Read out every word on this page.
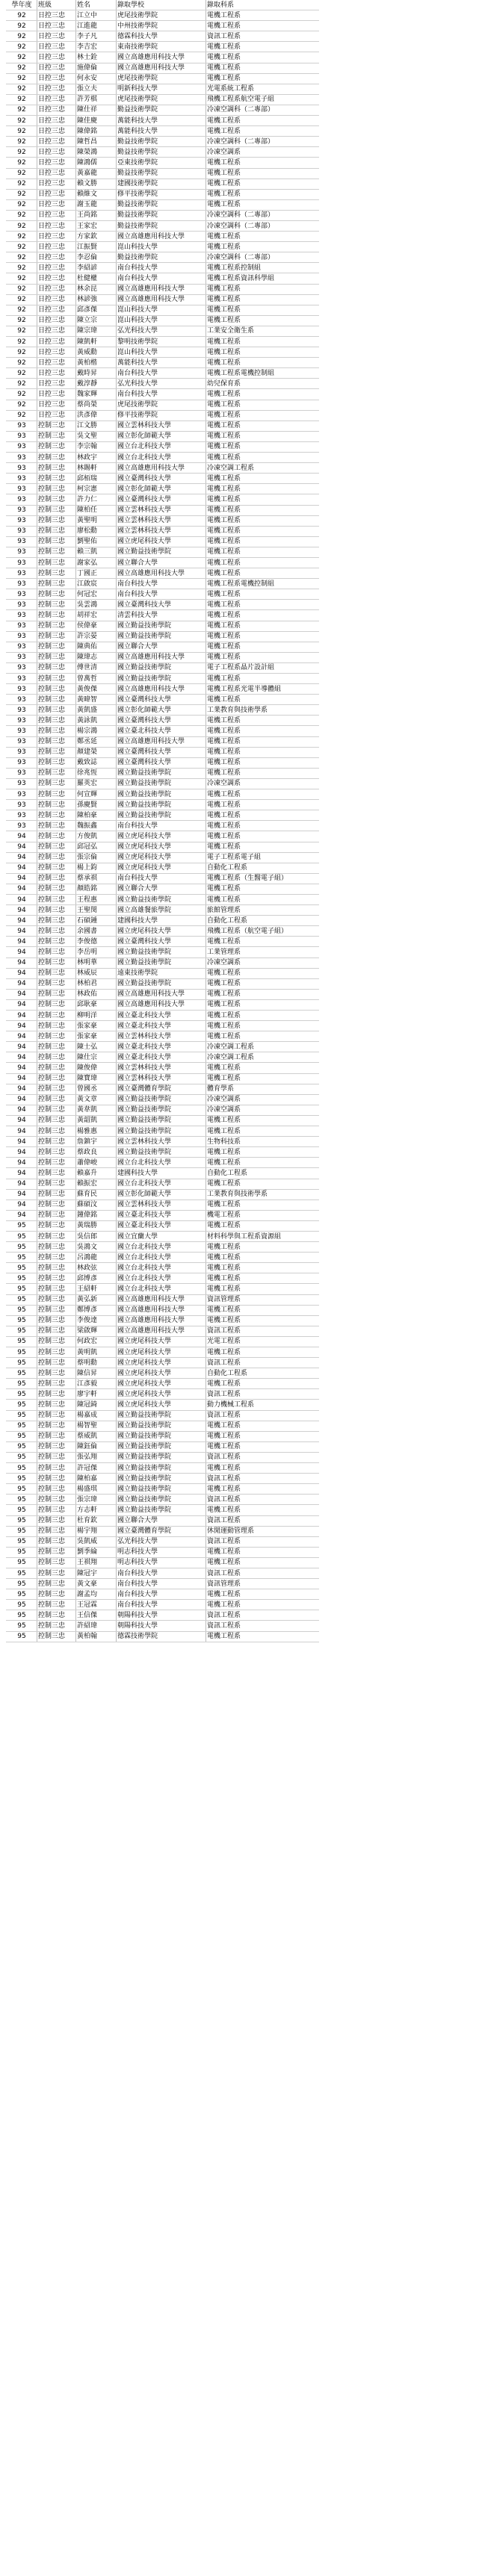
學年度	班級	姓名	錄取學校	錄取科系
92	日控三忠	江立中	虎尾技術學院	電機工程系
92	日控三忠	江進龍	中州技術學院	電機工程系
92	日控三忠	李子凡	德霖科技大學	資訊工程系
92	日控三忠	李吉宏	東南技術學院	電機工程系
92	日控三忠	林士銓	國立高雄應用科技大學	電機工程系
92	日控三忠	施偉倫	國立高雄應用科技大學	電機工程系
92	日控三忠	何永安	虎尾技術學院	電機工程系
92	日控三忠	張立夫	明新科技大學	光電系統工程系
92	日控三忠	許芳棋	虎尾技術學院	飛機工程系航空電子組
92	日控三忠	陳仕祥	勤益技術學院	冷凍空調科（二專部）
92	日控三忠	陳佳慶	萬能科技大學	電機工程系
92	日控三忠	陳偉銘	萬能科技大學	電機工程系
92	日控三忠	陳哲昌	勤益技術學院	冷凍空調科（二專部）
92	日控三忠	陳榮鴻	勤益技術學院	冷凍空調系
92	日控三忠	陳鴻儒	亞東技術學院	電機工程系
92	日控三忠	黃嘉龍	勤益技術學院	電機工程系
92	日控三忠	賴文勝	建國技術學院	電機工程系
92	日控三忠	賴維文	修平技術學院	電機工程系
92	日控三忠	謝玉龍	勤益技術學院	電機工程系
92	日控三忠	王尚銘	勤益技術學院	冷凍空調科（二專部）
92	日控三忠	王家宏	勤益技術學院	冷凍空調科（二專部）
92	日控三忠	方家欽	國立高雄應用科技大學	電機工程系
92	日控三忠	江振賢	崑山科技大學	電機工程系
92	日控三忠	李忍倫	勤益技術學院	冷凍空調科（二專部）
92	日控三忠	李紹諺	南台科技大學	電機工程系控制組
92	日控三忠	杜健權	南台科技大學	電機工程系資訊科學組
92	日控三忠	林余昆	國立高雄應用科技大學	電機工程系
92	日控三忠	林諺強	國立高雄應用科技大學	電機工程系
92	日控三忠	邱彥傑	崑山科技大學	電機工程系
92	日控三忠	陳立宗	崑山科技大學	電機工程系
92	日控三忠	陳宗瑋	弘光科技大學	工業安全衛生系
92	日控三忠	陳凱軒	黎明技術學院	電機工程系
92	日控三忠	黃威勳	崑山科技大學	電機工程系
92	日控三忠	黃柏楷	萬能科技大學	電機工程系
92	日控三忠	戴時昇	南台科技大學	電機工程系電機控制組
92	日控三忠	戴淳靜	弘光科技大學	幼兒保育系
92	日控三忠	魏家輝	南台科技大學	電機工程系
92	日控三忠	蔡尚榮	虎尾技術學院	電機工程系
92	日控三忠	洪彥偉	修平技術學院	電機工程系
93	控制三忠	江文勝	國立雲林科技大學	電機工程系
93	控制三忠	吳文聖	國立彰化師範大學	電機工程系
93	控制三忠	李宗翰	國立台北科技大學	電機工程系
93	控制三忠	林政宇	國立台北科技大學	電機工程系
93	控制三忠	林賜軒	國立高雄應用科技大學	冷凍空調工程系
93	控制三忠	邱栢瑞	國立臺灣科技大學	電機工程系
93	控制三忠	柯宗憲	國立彰化師範大學	電機工程系
93	控制三忠	許力仁	國立臺灣科技大學	電機工程系
93	控制三忠	陳柏任	國立雲林科技大學	電機工程系
93	控制三忠	黃聖明	國立雲林科技大學	電機工程系
93	控制三忠	廖松勳	國立雲林科技大學	電機工程系
93	控制三忠	劉聖佑	國立虎尾科技大學	電機工程系
93	控制三忠	賴三凱	國立勤益技術學院	電機工程系
93	控制三忠	謝家弘	國立聯合大學	電機工程系
93	控制三忠	丁國正	國立高雄應用科技大學	電機工程系
93	控制三忠	江啟宸	南台科技大學	電機工程系電機控制組
93	控制三忠	何冠宏	南台科技大學	電機工程系
93	控制三忠	吳雲鴻	國立臺灣科技大學	電機工程系
93	控制三忠	胡祥宏	清雲科技大學	電機工程系
93	控制三忠	侯偉豪	國立勤益技術學院	電機工程系
93	控制三忠	許宗晏	國立勤益技術學院	電機工程系
93	控制三忠	陳典佑	國立聯合大學	電機工程系
93	控制三忠	陳瑋志	國立高雄應用科技大學	電機工程系
93	控制三忠	傅世清	國立勤益技術學院	電子工程系晶片設計組
93	控制三忠	曾萬哲	國立勤益技術學院	電機工程系
93	控制三忠	黃俊傑	國立高雄應用科技大學	電機工程系光電半導體組
93	控制三忠	黃暐智	國立臺灣科技大學	電機工程系
93	控制三忠	黃凱盛	國立彰化師範大學	工業教育與技術學系
93	控制三忠	黃詠凱	國立臺灣科技大學	電機工程系
93	控制三忠	楊宗鴻	國立臺北科技大學	電機工程系
93	控制三忠	鄭丞延	國立高雄應用科技大學	電機工程系
93	控制三忠	顏建榮	國立臺灣科技大學	電機工程系
93	控制三忠	戴致誌	國立臺灣科技大學	電機工程系
93	控制三忠	徐兆恆	國立勤益技術學院	電機工程系
93	控制三忠	羅英宏	國立勤益技術學院	冷凍空調系
93	控制三忠	何宣輝	國立勤益技術學院	電機工程系
93	控制三忠	孫慶賢	國立勤益技術學院	電機工程系
93	控制三忠	陳柏豪	國立勤益技術學院	電機工程系
93	控制三忠	魏振鑫	南台科技大學	電機工程系
94	控制三忠	方俊凱	國立虎尾科技大學	電機工程系
94	控制三忠	邱冠弘	國立虎尾科技大學	電機工程系
94	控制三忠	張宗倫	國立虎尾科技大學	電子工程系電子組
94	控制三忠	楊上鈞	國立虎尾科技大學	自動化工程系
94	控制三忠	蔡承祺	南台科技大學	電機工程系（生醫電子組）
94	控制三忠	顏皓銘	國立聯合大學	電機工程系
94	控制三忠	王程惠	國立勤益技術學院	電機工程系
94	控制三忠	王聖閔	國立高雄餐旅學院	旅館管理系
94	控制三忠	石碩鍾	建國科技大學	自動化工程系
94	控制三忠	余國書	國立虎尾科技大學	飛機工程系（航空電子組）
94	控制三忠	李俊德	國立臺灣科技大學	電機工程系
94	控制三忠	李岳明	國立勤益技術學院	工業管理系
94	控制三忠	林明華	國立勤益技術學院	冷凍空調系
94	控制三忠	林威辰	遠東技術學院	電機工程系
94	控制三忠	林柏君	國立勤益技術學院	電機工程系
94	控制三忠	林政佑	國立高雄應用科技大學	電機工程系
94	控制三忠	邱耿豪	國立高雄應用科技大學	電機工程系
94	控制三忠	柳明洋	國立臺北科技大學	電機工程系
94	控制三忠	張家豪	國立臺北科技大學	電機工程系
94	控制三忠	張家豪	國立雲林科技大學	電機工程系
94	控制三忠	陳士弘	國立臺北科技大學	冷凍空調工程系
94	控制三忠	陳仕宗	國立臺北科技大學	冷凍空調工程系
94	控制三忠	陳俊偉	國立雲林科技大學	電機工程系
94	控制三忠	陳寶瑋	國立雲林科技大學	電機工程系
94	控制三忠	曾國丞	國立臺灣體育學院	體育學系
94	控制三忠	黃文章	國立勤益技術學院	冷凍空調系
94	控制三忠	黃韋凱	國立勤益技術學院	冷凍空調系
94	控制三忠	黃韶凱	國立勤益技術學院	電機工程系
94	控制三忠	楊雅惠	國立勤益技術學院	電機工程系
94	控制三忠	詹鎮宇	國立雲林科技大學	生物科技系
94	控制三忠	蔡政良	國立勤益技術學院	電機工程系
94	控制三忠	蕭偉峻	國立台北科技大學	電機工程系
94	控制三忠	賴嘉升	建國科技大學	自動化工程系
94	控制三忠	賴振宏	國立台北科技大學	電機工程系
94	控制三忠	蘇育民	國立彰化師範大學	工業教育與技術學系
94	控制三忠	蘇碩汶	國立雲林科技大學	電機工程系
94	控制三忠	鐘偉銘	國立臺北科技大學	機電工程系
95	控制三忠	黃瑞勝	國立臺北科技大學	電機工程系
95	控制三忠	吳信郎	國立宜蘭大學	材料科學與工程系資源組
95	控制三忠	吳鴻文	國立台北科技大學	電機工程系
95	控制三忠	呂鴻龍	國立台北科技大學	電機工程系
95	控制三忠	林政弦	國立台北科技大學	電機工程系
95	控制三忠	邱博彥	國立台北科技大學	電機工程系
95	控制三忠	王紹軒	國立台北科技大學	電機工程系
95	控制三忠	黃弘新	國立高雄應用科技大學	資訊管理系
95	控制三忠	鄭博彥	國立高雄應用科技大學	電機工程系
95	控制三忠	李俊達	國立高雄應用科技大學	電機工程系
95	控制三忠	梁啟輝	國立高雄應用科技大學	資訊工程系
95	控制三忠	何政宏	國立虎尾科技大學	光電工程系
95	控制三忠	黃明凱	國立虎尾科技大學	電機工程系
95	控制三忠	蔡明勳	國立虎尾科技大學	資訊工程系
95	控制三忠	陳信昇	國立虎尾科技大學	自動化工程系
95	控制三忠	江彥毅	國立虎尾科技大學	電機工程系
95	控制三忠	廖宇軒	國立虎尾科技大學	資訊工程系
95	控制三忠	陳冠錡	國立虎尾科技大學	動力機械工程系
95	控制三忠	楊嘉成	國立勤益技術學院	資訊工程系
95	控制三忠	楊智聖	國立勤益技術學院	電機工程系
95	控制三忠	蔡威凱	國立勤益技術學院	電機工程系
95	控制三忠	陳鈺倫	國立勤益技術學院	電機工程系
95	控制三忠	張弘翔	國立勤益技術學院	資訊工程系
95	控制三忠	許冠傑	國立勤益技術學院	電機工程系
95	控制三忠	陳柏嘉	國立勤益技術學院	資訊工程系
95	控制三忠	楊盛琪	國立勤益技術學院	電機工程系
95	控制三忠	張宗瑋	國立勤益技術學院	資訊工程系
95	控制三忠	方志軒	國立勤益技術學院	電機工程系
95	控制三忠	杜育欽	國立聯合大學	資訊工程系
95	控制三忠	楊宇翔	國立臺灣體育學院	休閒運動管理系
95	控制三忠	吳凱威	弘光科技大學	資訊工程系
95	控制三忠	劉季綸	明志科技大學	電機工程系
95	控制三忠	王祺翔	明志科技大學	電機工程系
95	控制三忠	陳冠宇	南台科技大學	資訊工程系
95	控制三忠	黃文豪	南台科技大學	資訊管理系
95	控制三忠	謝孟均	南台科技大學	電機工程系
95	控制三忠	王冠霖	南台科技大學	電機工程系
95	控制三忠	王信傑	朝陽科技大學	資訊工程系
95	控制三忠	許紹瑋	朝陽科技大學	資訊工程系
95	控制三忠	黃柏翰	德霖技術學院	電機工程系
